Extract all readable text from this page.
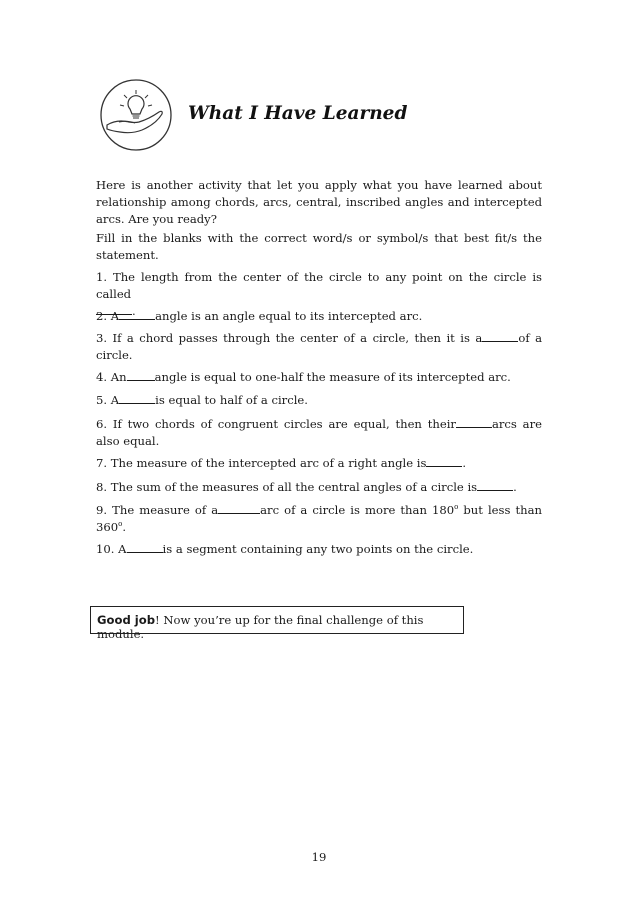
What I Have Learned

Here is another activity that let you apply what you have learned about relationship among chords, arcs, central, inscribed angles and intercepted arcs. Are you ready?

Fill in the blanks with the correct word/s or symbol/s that best fit/s the statement.

1. The length from the center of the circle to any point on the circle is called
.

2. A	angle is an angle equal to its intercepted arc.

3. If a chord passes through the center of a circle, then it is a	of a circle.

4. An angle is equal to one-half the measure of its intercepted arc.

5. A	is equal to half of a circle.

6. If two chords of congruent circles are equal, then their	arcs are also equal.

7. The measure of the intercepted arc of a right angle is	.

8. The sum of the measures of all the central angles of a circle is	.

9. The measure of a	arc of a circle is more than 180$^o$ but less than 360$^o$.

10. A	is a segment containing any two points on the circle.

Good job! Now you’re up for the final challenge of this module.

19
